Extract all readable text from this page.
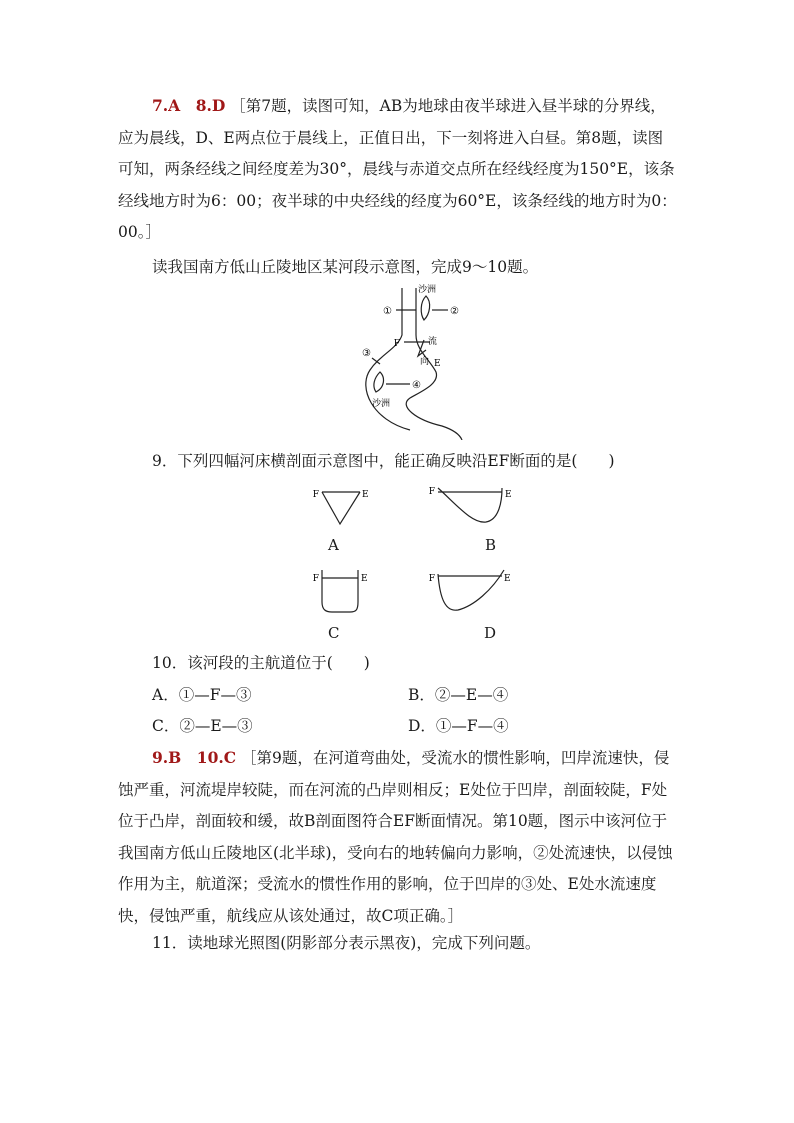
7.A　8.D ［第7题，读图可知，AB为地球由夜半球进入昼半球的分界线，应为晨线，D、E两点位于晨线上，正值日出，下一刻将进入白昼。第8题，读图可知，两条经线之间经度差为30°，晨线与赤道交点所在经线经度为150°E，该条经线地方时为6：00；夜半球的中央经线的经度为60°E，该条经线的地方时为0：00。］
读我国南方低山丘陵地区某河段示意图，完成9～10题。
沙洲
①	②
③
F
E
流
向
④
沙洲
9．下列四幅河床横剖面示意图中，能正确反映沿EF断面的是(　　)
F	E
A
F	E
B
F	E
C
F	E
D
10．该河段的主航道位于(　　)
A．①—F—③	B．②—E—④
C．②—E—③	D．①—F—④
9.B　10.C ［第9题，在河道弯曲处，受流水的惯性影响，凹岸流速快，侵蚀严重，河流堤岸较陡，而在河流的凸岸则相反；E处位于凹岸，剖面较陡，F处位于凸岸，剖面较和缓，故B剖面图符合EF断面情况。第10题，图示中该河位于我国南方低山丘陵地区(北半球)，受向右的地转偏向力影响，②处流速快，以侵蚀作用为主，航道深；受流水的惯性作用的影响，位于凹岸的③处、E处水流速度快，侵蚀严重，航线应从该处通过，故C项正确。］
11．读地球光照图(阴影部分表示黑夜)，完成下列问题。
